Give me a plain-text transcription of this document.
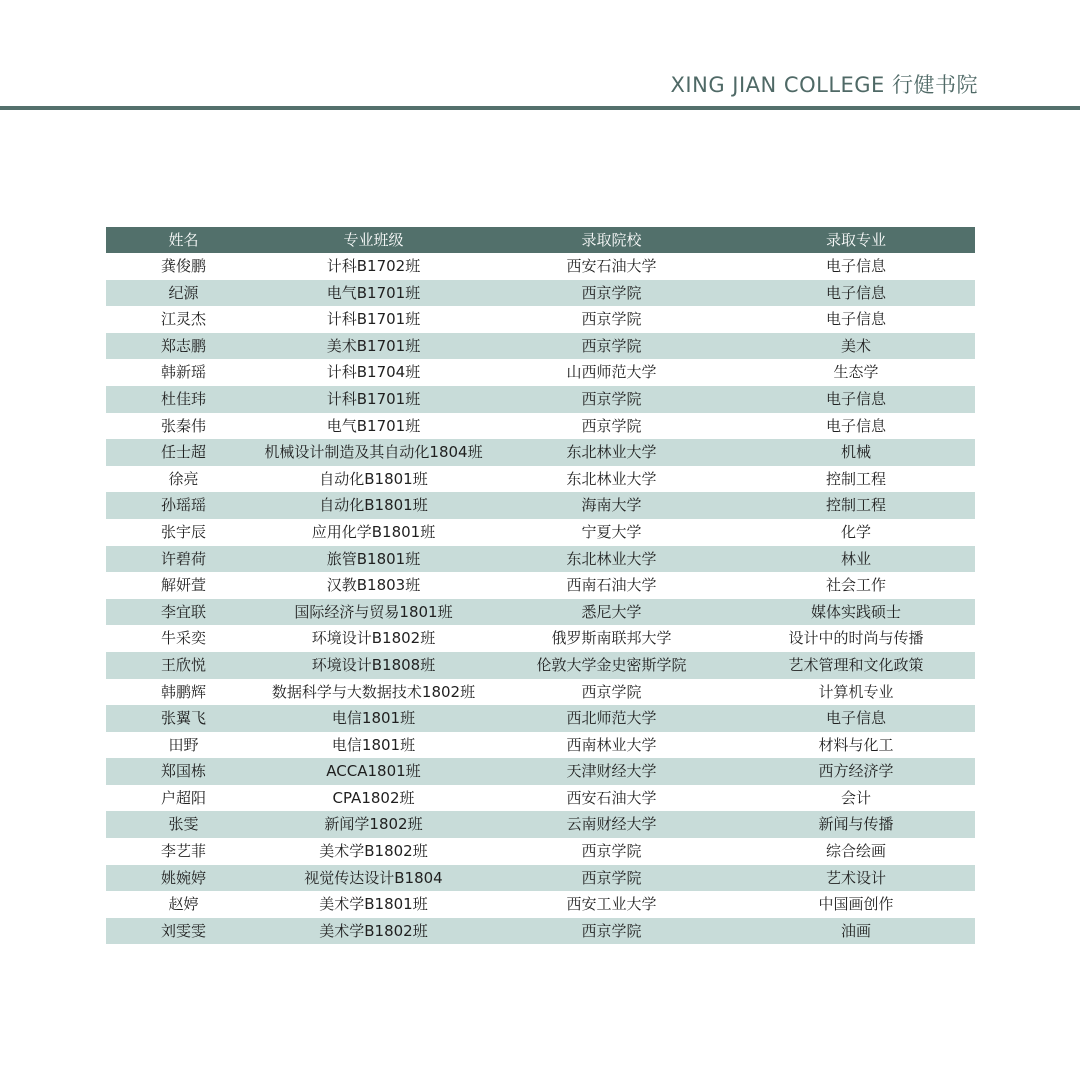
XING JIAN COLLEGE 行健书院
姓名	专业班级	录取院校	录取专业
龚俊鹏	计科B1702班	西安石油大学	电子信息
纪源	电气B1701班	西京学院	电子信息
江灵杰	计科B1701班	西京学院	电子信息
郑志鹏	美术B1701班	西京学院	美术
韩新瑶	计科B1704班	山西师范大学	生态学
杜佳玮	计科B1701班	西京学院	电子信息
张秦伟	电气B1701班	西京学院	电子信息
任士超	机械设计制造及其自动化1804班	东北林业大学	机械
徐亮	自动化B1801班	东北林业大学	控制工程
孙瑶瑶	自动化B1801班	海南大学	控制工程
张宇辰	应用化学B1801班	宁夏大学	化学
许碧荷	旅管B1801班	东北林业大学	林业
解妍萱	汉教B1803班	西南石油大学	社会工作
李宜联	国际经济与贸易1801班	悉尼大学	媒体实践硕士
牛采奕	环境设计B1802班	俄罗斯南联邦大学	设计中的时尚与传播
王欣悦	环境设计B1808班	伦敦大学金史密斯学院	艺术管理和文化政策
韩鹏辉	数据科学与大数据技术1802班	西京学院	计算机专业
张翼飞	电信1801班	西北师范大学	电子信息
田野	电信1801班	西南林业大学	材料与化工
郑国栋	ACCA1801班	天津财经大学	西方经济学
户超阳	CPA1802班	西安石油大学	会计
张雯	新闻学1802班	云南财经大学	新闻与传播
李艺菲	美术学B1802班	西京学院	综合绘画
姚婉婷	视觉传达设计B1804	西京学院	艺术设计
赵婷	美术学B1801班	西安工业大学	中国画创作
刘雯雯	美术学B1802班	西京学院	油画
